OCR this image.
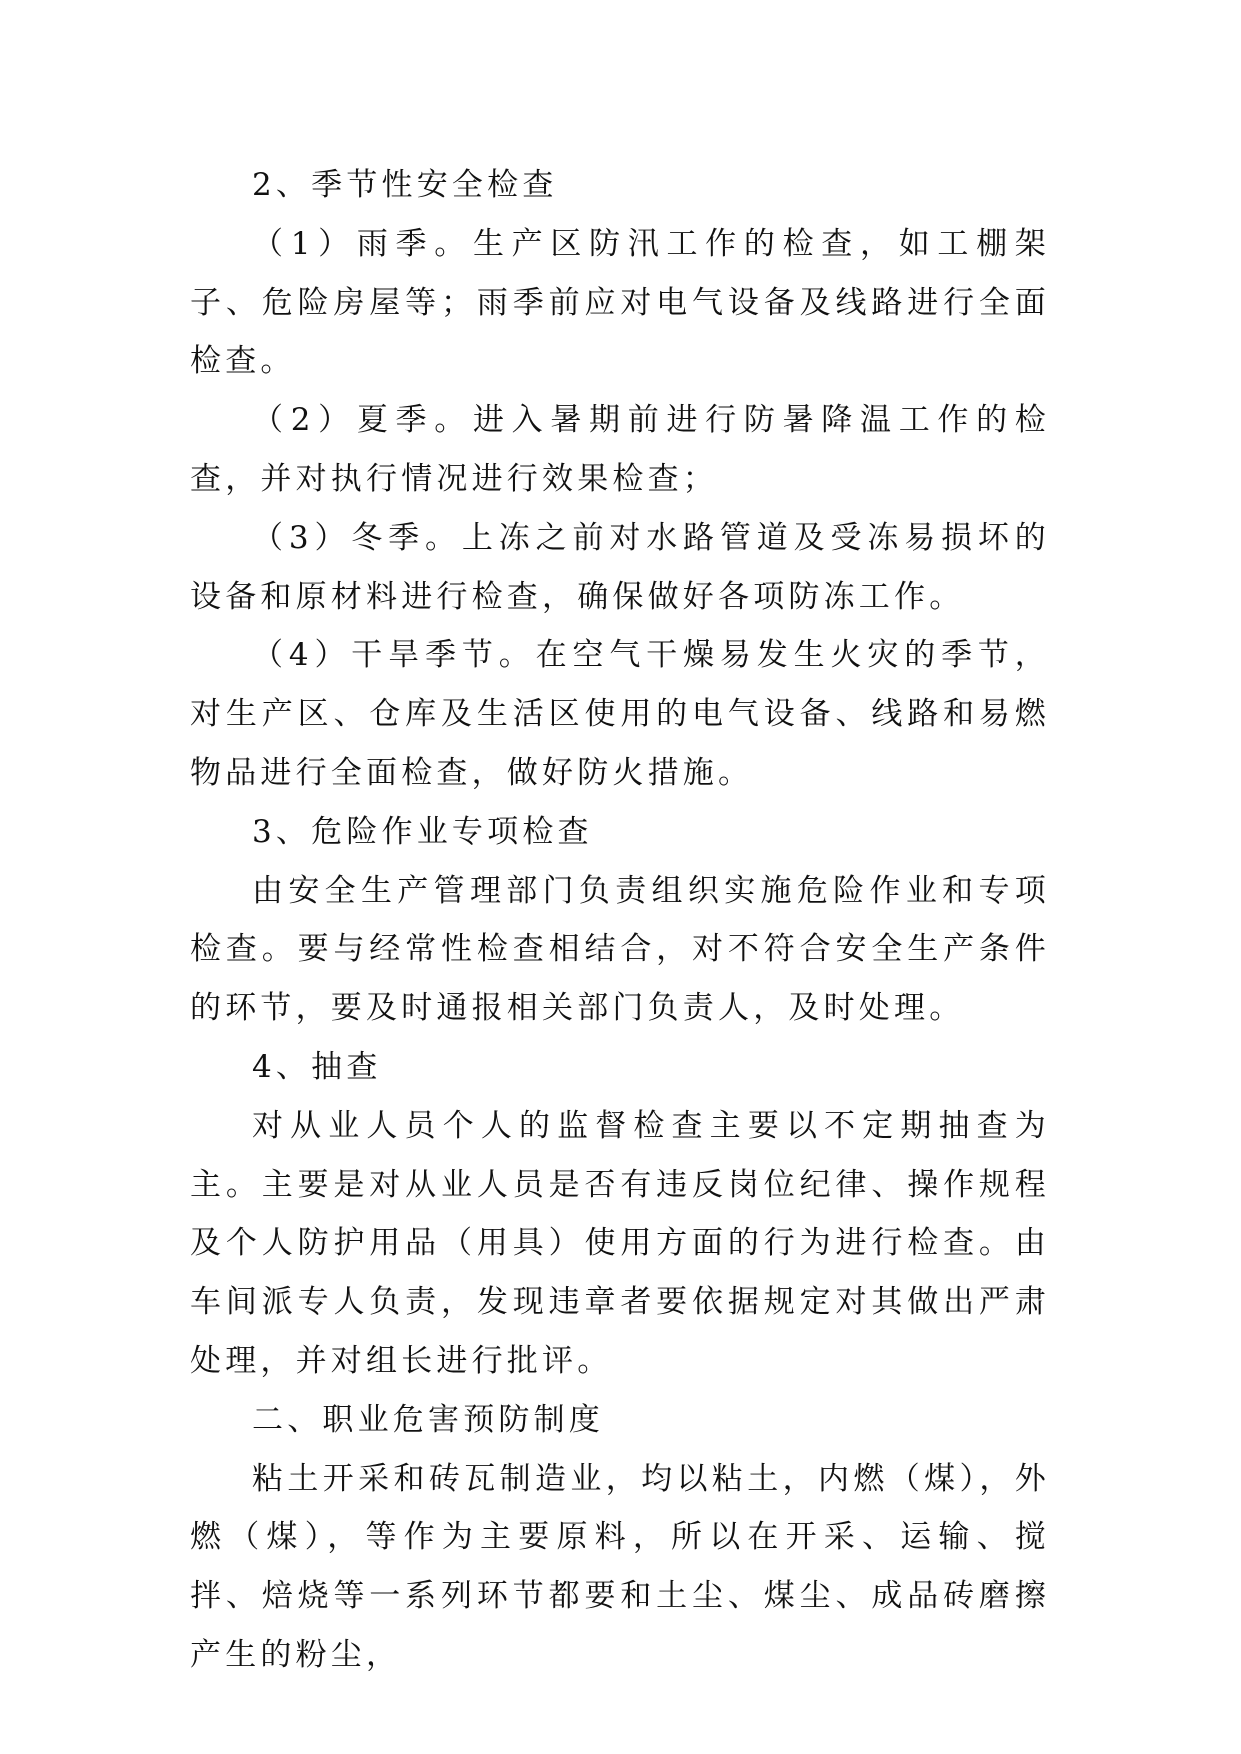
2、季节性安全检查

（1）雨季。生产区防汛工作的检查，如工棚架子、危险房屋等；雨季前应对电气设备及线路进行全面检查。

（2）夏季。进入暑期前进行防暑降温工作的检查，并对执行情况进行效果检查；

（3）冬季。上冻之前对水路管道及受冻易损坏的设备和原材料进行检查，确保做好各项防冻工作。

（4）干旱季节。在空气干燥易发生火灾的季节，对生产区、仓库及生活区使用的电气设备、线路和易燃物品进行全面检查，做好防火措施。

3、危险作业专项检查

由安全生产管理部门负责组织实施危险作业和专项检查。要与经常性检查相结合，对不符合安全生产条件的环节，要及时通报相关部门负责人，及时处理。

4、抽查

对从业人员个人的监督检查主要以不定期抽查为主。主要是对从业人员是否有违反岗位纪律、操作规程及个人防护用品（用具）使用方面的行为进行检查。由车间派专人负责，发现违章者要依据规定对其做出严肃处理，并对组长进行批评。

二、职业危害预防制度

粘土开采和砖瓦制造业，均以粘土，内燃（煤），外燃（煤），等作为主要原料，所以在开采、运输、搅拌、焙烧等一系列环节都要和土尘、煤尘、成品砖磨擦产生的粉尘，
